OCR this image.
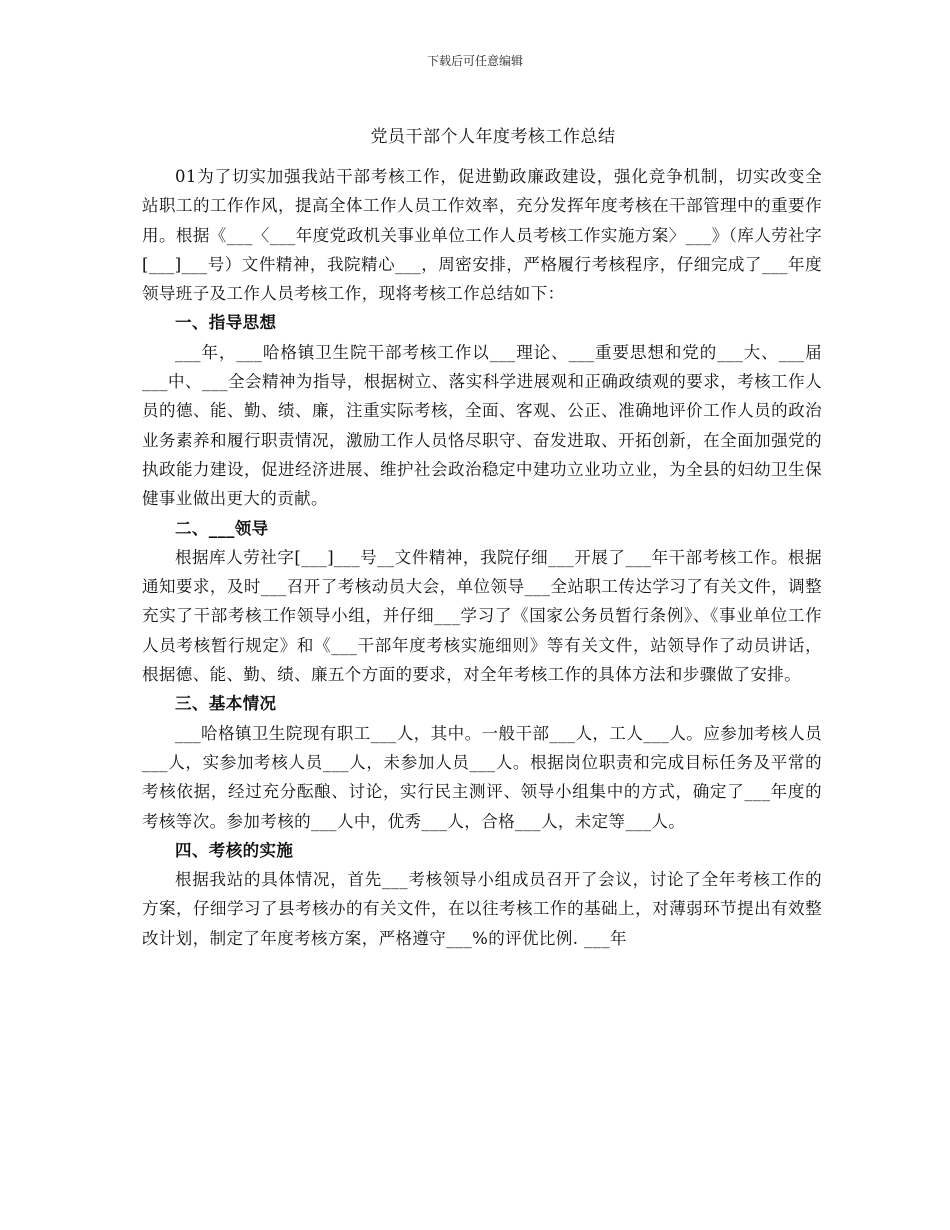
下载后可任意编辑
党员干部个人年度考核工作总结

01为了切实加强我站干部考核工作，促进勤政廉政建设，强化竞争机制，切实改变全站职工的工作作风，提高全体工作人员工作效率，充分发挥年度考核在干部管理中的重要作用。根据《___〈___年度党政机关事业单位工作人员考核工作实施方案〉___》（库人劳社字[___]___号）文件精神，我院精心___，周密安排，严格履行考核程序，仔细完成了___年度领导班子及工作人员考核工作，现将考核工作总结如下：

一、指导思想

___年，___哈格镇卫生院干部考核工作以___理论、___重要思想和党的___大、___届___中、___全会精神为指导，根据树立、落实科学进展观和正确政绩观的要求，考核工作人员的德、能、勤、绩、廉，注重实际考核，全面、客观、公正、准确地评价工作人员的政治业务素养和履行职责情况，激励工作人员恪尽职守、奋发进取、开拓创新，在全面加强党的执政能力建设，促进经济进展、维护社会政治稳定中建功立业功立业，为全县的妇幼卫生保健事业做出更大的贡献。

二、___领导

根据库人劳社字[___]___号__文件精神，我院仔细___开展了___年干部考核工作。根据通知要求，及时___召开了考核动员大会，单位领导___全站职工传达学习了有关文件，调整充实了干部考核工作领导小组，并仔细___学习了《国家公务员暂行条例》、《事业单位工作人员考核暂行规定》和《___干部年度考核实施细则》等有关文件，站领导作了动员讲话，根据德、能、勤、绩、廉五个方面的要求，对全年考核工作的具体方法和步骤做了安排。

三、基本情况

___哈格镇卫生院现有职工___人，其中。一般干部___人，工人___人。应参加考核人员___人，实参加考核人员___人，未参加人员___人。根据岗位职责和完成目标任务及平常的考核依据，经过充分酝酿、讨论，实行民主测评、领导小组集中的方式，确定了___年度的考核等次。参加考核的___人中，优秀___人，合格___人，未定等___人。

四、考核的实施

根据我站的具体情况，首先___考核领导小组成员召开了会议，讨论了全年考核工作的方案，仔细学习了县考核办的有关文件，在以往考核工作的基础上，对薄弱环节提出有效整改计划，制定了年度考核方案，严格遵守___%的评优比例. ___年
